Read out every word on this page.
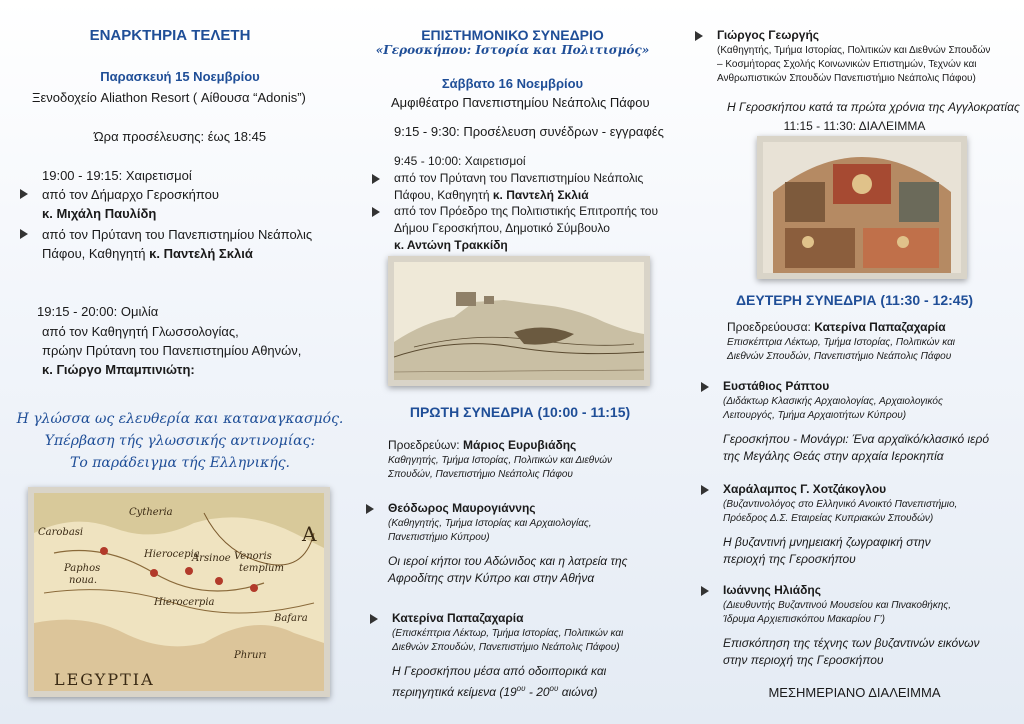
ΕΝΑΡΚΤΗΡΙΑ ΤΕΛΕΤΗ

Παρασκευή 15 Νοεμβρίου

Ξενοδοχείο Aliathon Resort ( Αίθουσα “Adonis”)

Ώρα προσέλευσης: έως 18:45

19:00 - 19:15: Χαιρετισμοί

από τον Δήμαρχο Γεροσκήπου
κ. Μιχάλη Παυλίδη
από τον Πρύτανη του Πανεπιστημίου Νεάπολις
Πάφου, Καθηγητή κ. Παντελή Σκλιά

19:15 - 20:00: Ομιλία

από τον Καθηγητή Γλωσσολογίας,
πρώην Πρύτανη του Πανεπιστημίου Αθηνών,
κ. Γιώργο Μπαμπινιώτη:
Η γλώσσα ως ελευθερία και καταναγκασμός.
Υπέρβαση τής γλωσσικής αντινομίας:
Το παράδειγμα τής Ελληνικής.
Cytheria
Carobasi
Paphos
noua.
Hierocepia
Arsinoe
Hierocerpia
Venoris
templum
Bafara
Phrurı
LEGYPTIA
A

ΕΠΙΣΤΗΜΟΝΙΚΟ ΣΥΝΕΔΡΙΟ

«Γεροσκήπου: Ιστορία και Πολιτισμός»

Σάββατο 16 Νοεμβρίου

Αμφιθέατρο Πανεπιστημίου Νεάπολις Πάφου

9:15 - 9:30: Προσέλευση συνέδρων - εγγραφές

9:45 - 10:00: Χαιρετισμοί

από τον Πρύτανη του Πανεπιστημίου Νεάπολις
Πάφου, Καθηγητή κ. Παντελή Σκλιά
από τον Πρόεδρο της Πολιτιστικής Επιτροπής του
Δήμου Γεροσκήπου, Δημοτικό Σύμβουλο
κ. Αντώνη Τρακκίδη

ΠΡΩΤΗ ΣΥΝΕΔΡΙΑ (10:00 - 11:15)

Προεδρεύων: Μάριος Ευρυβιάδης
Καθηγητής, Τμήμα Ιστορίας, Πολιτικών και Διεθνών
Σπουδών, Πανεπιστήμιο Νεάπολις Πάφου
Θεόδωρος Μαυρογιάννης
(Καθηγητής, Τμήμα Ιστορίας και Αρχαιολογίας,
Πανεπιστήμιο Κύπρου)
Οι ιεροί κήποι του Αδώνιδος και η λατρεία της
Αφροδίτης στην Κύπρο και στην Αθήνα
Κατερίνα Παπαζαχαρία
(Επισκέπτρια Λέκτωρ, Τμήμα Ιστορίας, Πολιτικών και
Διεθνών Σπουδών, Πανεπιστήμιο Νεάπολις Πάφου)
Η Γεροσκήπου μέσα από οδοιπορικά και
περιηγητικά κείμενα ($19^{o\upsilon} - 20^{o\upsilon}$ αιώνα)
Γιώργος Γεωργής
(Καθηγητής, Τμήμα Ιστορίας, Πολιτικών και Διεθνών Σπουδών
– Κοσμήτορας Σχολής Κοινωνικών Επιστημών, Τεχνών και
Ανθρωπιστικών Σπουδών Πανεπιστήμιο Νεάπολις Πάφου)

Η Γεροσκήπου κατά τα πρώτα χρόνια της Αγγλοκρατίας

11:15 - 11:30: ΔΙΑΛΕΙΜΜΑ

ΔΕΥΤΕΡΗ ΣΥΝΕΔΡΙΑ (11:30 - 12:45)

Προεδρεύουσα: Κατερίνα Παπαζαχαρία
Επισκέπτρια Λέκτωρ, Τμήμα Ιστορίας, Πολιτικών και
Διεθνών Σπουδών, Πανεπιστήμιο Νεάπολις Πάφου
Ευστάθιος Ράπτου
(Διδάκτωρ Κλασικής Αρχαιολογίας, Αρχαιολογικός
Λειτουργός, Τμήμα Αρχαιοτήτων Κύπρου)
Γεροσκήπου - Μονάγρι: Ένα αρχαϊκό/κλασικό ιερό
της Μεγάλης Θεάς στην αρχαία Ιεροκηπία
Χαράλαμπος Γ. Χοτζάκογλου
(Βυζαντινολόγος στο Ελληνικό Ανοικτό Πανεπιστήμιο,
Πρόεδρος Δ.Σ. Εταιρείας Κυπριακών Σπουδών)
Η βυζαντινή μνημειακή ζωγραφική στην
περιοχή της Γεροσκήπου
Ιωάννης Ηλιάδης
(Διευθυντής Βυζαντινού Μουσείου και Πινακοθήκης,
Ίδρυμα Αρχιεπισκόπου Μακαρίου Γ’)
Επισκόπηση της τέχνης των βυζαντινών εικόνων
στην περιοχή της Γεροσκήπου

ΜΕΣΗΜΕΡΙΑΝΟ ΔΙΑΛΕΙΜΜΑ
